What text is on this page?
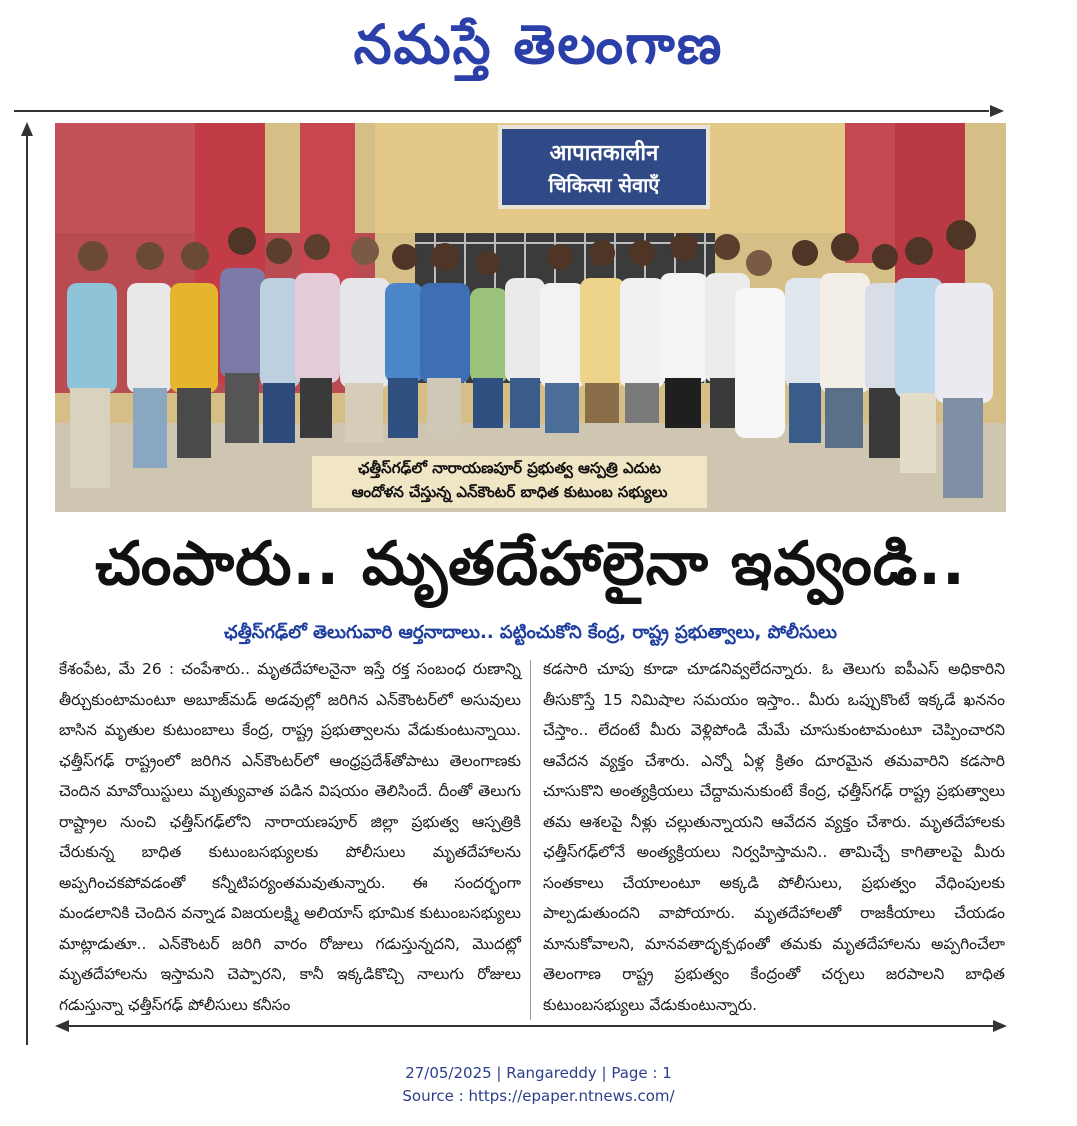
నమస్తే తెలంగాణ
आपातकालीन
चिकित्सा सेवाएँ
ఛత్తీస్‌గఢ్‌లో నారాయణపూర్ ప్రభుత్వ ఆస్పత్రి ఎదుట
ఆందోళన చేస్తున్న ఎన్‌కౌంటర్ బాధిత కుటుంబ సభ్యులు
చంపారు.. మృతదేహాలైనా ఇవ్వండి..
ఛత్తీస్‌గఢ్‌లో తెలుగువారి ఆర్తనాదాలు.. పట్టించుకోని కేంద్ర, రాష్ట్ర ప్రభుత్వాలు, పోలీసులు
కేశంపేట, మే 26 : చంపేశారు.. మృతదేహాలనైనా ఇస్తే రక్త సంబంధ రుణాన్ని తీర్చుకుంటామంటూ అబూజ్‌మడ్ అడవుల్లో జరిగిన ఎన్‌కౌంటర్‌లో అసువులు బాసిన మృతుల కుటుంబాలు కేంద్ర, రాష్ట్ర ప్రభుత్వాలను వేడుకుంటున్నాయి. ఛత్తీస్‌గఢ్ రాష్ట్రంలో జరిగిన ఎన్‌కౌంటర్‌లో ఆంధ్రప్రదేశ్‌తోపాటు తెలంగాణకు చెందిన మావోయిస్టులు మృత్యువాత పడిన విషయం తెలిసిందే. దీంతో తెలుగు రాష్ట్రాల నుంచి ఛత్తీస్‌గఢ్‌లోని నారాయణపూర్ జిల్లా ప్రభుత్వ ఆస్పత్రికి చేరుకున్న బాధిత కుటుంబసభ్యులకు పోలీసులు మృతదేహాలను అప్పగించకపోవడంతో కన్నీటిపర్యంతమవుతున్నారు. ఈ సందర్భంగా మండలానికి చెందిన వన్నాడ విజయలక్ష్మి అలియాస్ భూమిక కుటుంబసభ్యులు మాట్లాడుతూ.. ఎన్‌కౌంటర్ జరిగి వారం రోజులు గడుస్తున్నదని, మొదట్లో మృతదేహాలను ఇస్తామని చెప్పారని, కానీ ఇక్కడికొచ్చి నాలుగు రోజులు గడుస్తున్నా ఛత్తీస్‌గఢ్ పోలీసులు కనీసం
కడసారి చూపు కూడా చూడనివ్వలేదన్నారు. ఓ తెలుగు ఐపీఎస్ అధికారిని తీసుకొస్తే 15 నిమిషాల సమయం ఇస్తాం.. మీరు ఒప్పుకొంటే ఇక్కడే ఖననం చేస్తాం.. లేదంటే మీరు వెళ్లిపోండి మేమే చూసుకుంటామంటూ చెప్పించారని ఆవేదన వ్యక్తం చేశారు. ఎన్నో ఏళ్ల క్రితం దూరమైన తమవారిని కడసారి చూసుకొని అంత్యక్రియలు చేద్దామనుకుంటే కేంద్ర, ఛత్తీస్‌గఢ్ రాష్ట్ర ప్రభుత్వాలు తమ ఆశలపై నీళ్లు చల్లుతున్నాయని ఆవేదన వ్యక్తం చేశారు. మృతదేహాలకు ఛత్తీస్‌గఢ్‌లోనే అంత్యక్రియలు నిర్వహిస్తామని.. తామిచ్చే కాగితాలపై మీరు సంతకాలు చేయాలంటూ అక్కడి పోలీసులు, ప్రభుత్వం వేధింపులకు పాల్పడుతుందని వాపోయారు. మృతదేహాలతో రాజకీయాలు చేయడం మానుకోవాలని, మానవతాదృక్పథంతో తమకు మృతదేహాలను అప్పగించేలా తెలంగాణ రాష్ట్ర ప్రభుత్వం కేంద్రంతో చర్చలు జరపాలని బాధిత కుటుంబసభ్యులు వేడుకుంటున్నారు.
27/05/2025 | Rangareddy | Page : 1
Source : https://epaper.ntnews.com/
